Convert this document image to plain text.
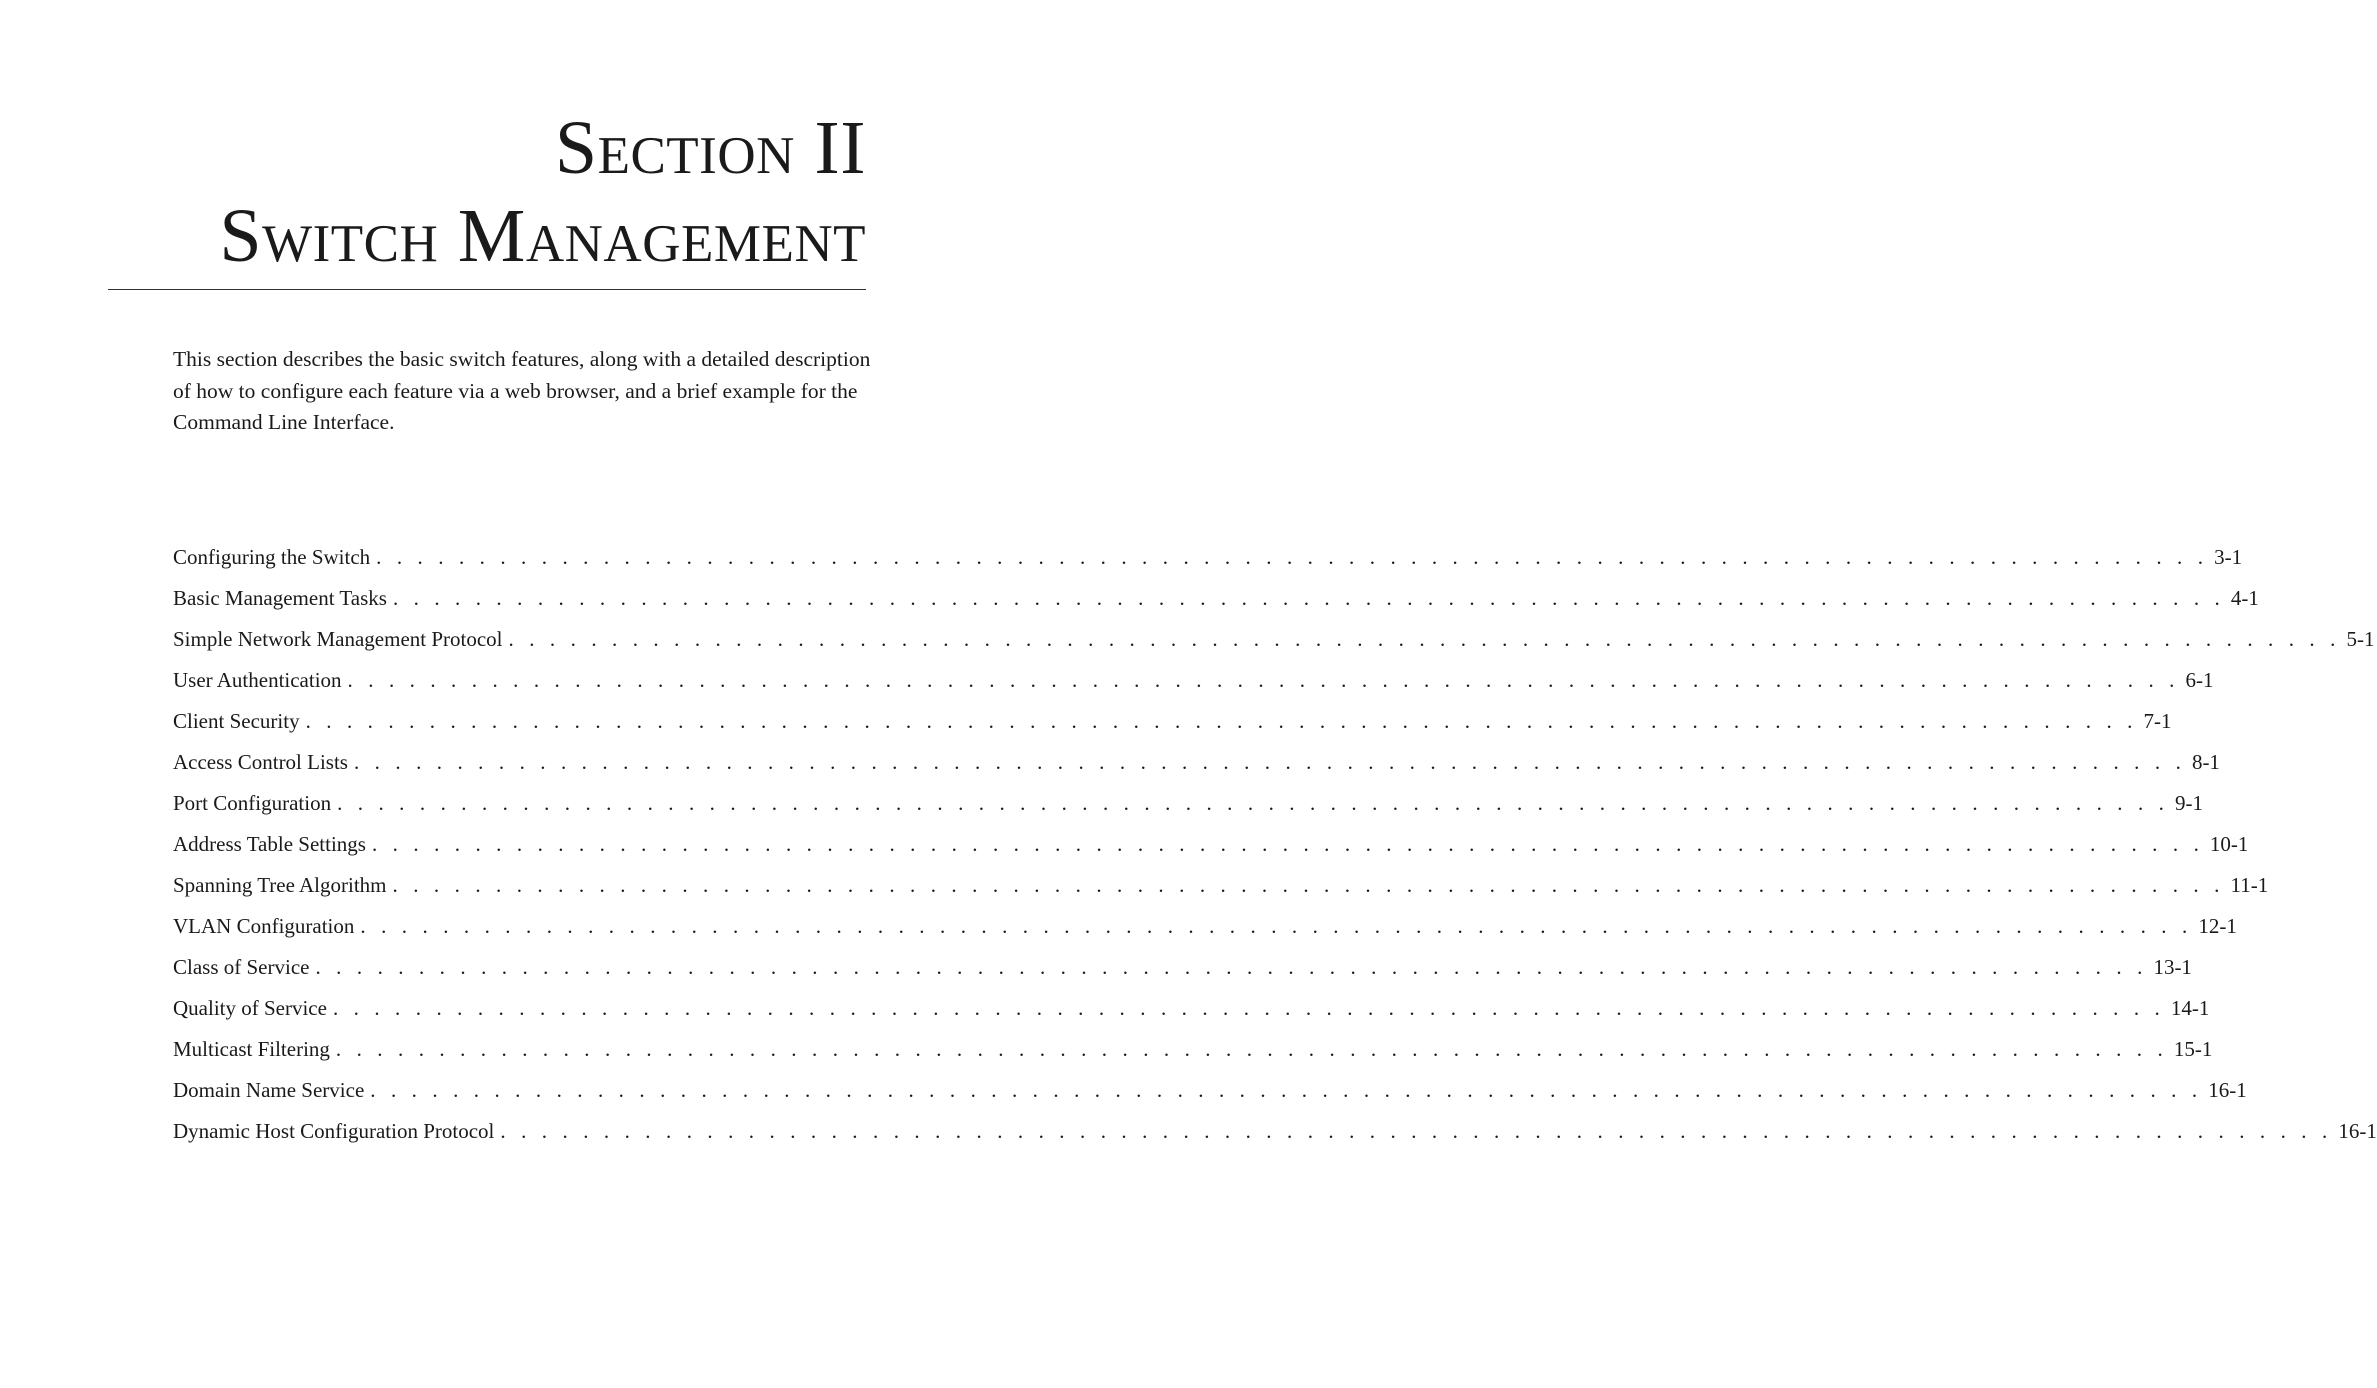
Section II
Switch Management

This section describes the basic switch features, along with a detailed description of how to configure each feature via a web browser, and a brief example for the Command Line Interface.

Configuring the Switch . . . . . . . . . . . . . . . . . . . . . . . . . . . . . . . . . . . . . . . . . . . . . . . . . . . . . . . . . . . . . . . . . . . . . . . . . . . . . . . . . . . . . . . . . 3-1
Basic Management Tasks . . . . . . . . . . . . . . . . . . . . . . . . . . . . . . . . . . . . . . . . . . . . . . . . . . . . . . . . . . . . . . . . . . . . . . . . . . . . . . . . . . . . . . . . . 4-1
Simple Network Management Protocol . . . . . . . . . . . . . . . . . . . . . . . . . . . . . . . . . . . . . . . . . . . . . . . . . . . . . . . . . . . . . . . . . . . . . . . . . . . . . . . . . . . . . . . . . 5-1
User Authentication . . . . . . . . . . . . . . . . . . . . . . . . . . . . . . . . . . . . . . . . . . . . . . . . . . . . . . . . . . . . . . . . . . . . . . . . . . . . . . . . . . . . . . . . . 6-1
Client Security . . . . . . . . . . . . . . . . . . . . . . . . . . . . . . . . . . . . . . . . . . . . . . . . . . . . . . . . . . . . . . . . . . . . . . . . . . . . . . . . . . . . . . . . . 7-1
Access Control Lists . . . . . . . . . . . . . . . . . . . . . . . . . . . . . . . . . . . . . . . . . . . . . . . . . . . . . . . . . . . . . . . . . . . . . . . . . . . . . . . . . . . . . . . . . 8-1
Port Configuration . . . . . . . . . . . . . . . . . . . . . . . . . . . . . . . . . . . . . . . . . . . . . . . . . . . . . . . . . . . . . . . . . . . . . . . . . . . . . . . . . . . . . . . . . 9-1
Address Table Settings . . . . . . . . . . . . . . . . . . . . . . . . . . . . . . . . . . . . . . . . . . . . . . . . . . . . . . . . . . . . . . . . . . . . . . . . . . . . . . . . . . . . . . . . . 10-1
Spanning Tree Algorithm . . . . . . . . . . . . . . . . . . . . . . . . . . . . . . . . . . . . . . . . . . . . . . . . . . . . . . . . . . . . . . . . . . . . . . . . . . . . . . . . . . . . . . . . . 11-1
VLAN Configuration . . . . . . . . . . . . . . . . . . . . . . . . . . . . . . . . . . . . . . . . . . . . . . . . . . . . . . . . . . . . . . . . . . . . . . . . . . . . . . . . . . . . . . . . . 12-1
Class of Service . . . . . . . . . . . . . . . . . . . . . . . . . . . . . . . . . . . . . . . . . . . . . . . . . . . . . . . . . . . . . . . . . . . . . . . . . . . . . . . . . . . . . . . . . 13-1
Quality of Service . . . . . . . . . . . . . . . . . . . . . . . . . . . . . . . . . . . . . . . . . . . . . . . . . . . . . . . . . . . . . . . . . . . . . . . . . . . . . . . . . . . . . . . . . 14-1
Multicast Filtering . . . . . . . . . . . . . . . . . . . . . . . . . . . . . . . . . . . . . . . . . . . . . . . . . . . . . . . . . . . . . . . . . . . . . . . . . . . . . . . . . . . . . . . . . 15-1
Domain Name Service . . . . . . . . . . . . . . . . . . . . . . . . . . . . . . . . . . . . . . . . . . . . . . . . . . . . . . . . . . . . . . . . . . . . . . . . . . . . . . . . . . . . . . . . . 16-1
Dynamic Host Configuration Protocol . . . . . . . . . . . . . . . . . . . . . . . . . . . . . . . . . . . . . . . . . . . . . . . . . . . . . . . . . . . . . . . . . . . . . . . . . . . . . . . . . . . . . . . . . 16-1
